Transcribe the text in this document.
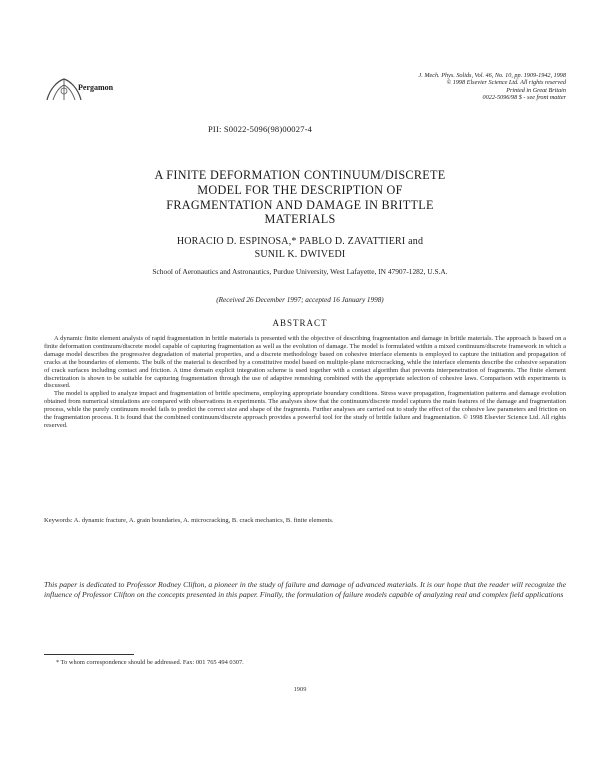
Pergamon
J. Mech. Phys. Solids, Vol. 46, No. 10, pp. 1909-1942, 1998
© 1998 Elsevier Science Ltd. All rights reserved
Printed in Great Britain
0022-5096/98 $ - see front matter
PII: S0022-5096(98)00027-4
A FINITE DEFORMATION CONTINUUM/DISCRETE
MODEL FOR THE DESCRIPTION OF
FRAGMENTATION AND DAMAGE IN BRITTLE
MATERIALS
HORACIO D. ESPINOSA,* PABLO D. ZAVATTIERI and
SUNIL K. DWIVEDI
School of Aeronautics and Astronautics, Purdue University, West Lafayette, IN 47907-1282, U.S.A.
(Received 26 December 1997; accepted 16 January 1998)
ABSTRACT

A dynamic finite element analysis of rapid fragmentation in brittle materials is presented with the objective of describing fragmentation and damage in brittle materials. The approach is based on a finite deformation continuum/discrete model capable of capturing fragmentation as well as the evolution of damage. The model is formulated within a mixed continuum/discrete framework in which a damage model describes the progressive degradation of material properties, and a discrete methodology based on cohesive interface elements is employed to capture the initiation and propagation of cracks at the boundaries of elements. The bulk of the material is described by a constitutive model based on multiple-plane microcracking, while the interface elements describe the cohesive separation of crack surfaces including contact and friction. A time domain explicit integration scheme is used together with a contact algorithm that prevents interpenetration of fragments. The finite element discretization is shown to be suitable for capturing fragmentation through the use of adaptive remeshing combined with the appropriate selection of cohesive laws. Comparison with experiments is discussed.

The model is applied to analyze impact and fragmentation of brittle specimens, employing appropriate boundary conditions. Stress wave propagation, fragmentation patterns and damage evolution obtained from numerical simulations are compared with observations in experiments. The analyses show that the continuum/discrete model captures the main features of the damage and fragmentation process, while the purely continuum model fails to predict the correct size and shape of the fragments. Further analyses are carried out to study the effect of the cohesive law parameters and friction on the fragmentation process. It is found that the combined continuum/discrete approach provides a powerful tool for the study of brittle failure and fragmentation. © 1998 Elsevier Science Ltd. All rights reserved.

Keywords: A. dynamic fracture, A. grain boundaries, A. microcracking, B. crack mechanics, B. finite elements.
This paper is dedicated to Professor Rodney Clifton, a pioneer in the study of failure and damage of advanced materials. It is our hope that the reader will recognize the influence of Professor Clifton on the concepts presented in this paper. Finally, the formulation of failure models capable of analyzing real and complex field applications
* To whom correspondence should be addressed. Fax: 001 765 494 0307.
1909
